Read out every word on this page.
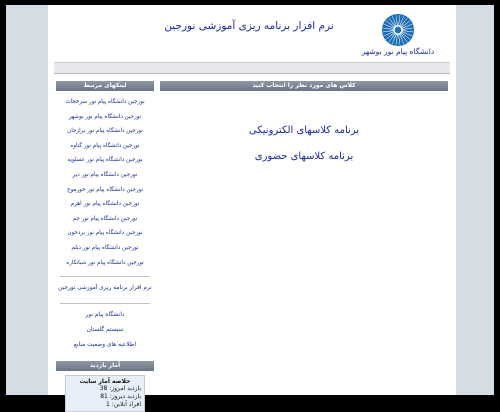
دانشگاه پیام نور بوشهر
نرم افزار برنامه ریزی آموزشی نورجین
لینکهای مرتبط
نورجین دانشگاه پیام نور سرخجات
نورجین دانشگاه پیام نور بوشهر
نورجین دانشگاه پیام نور برازجان
نورجین دانشگاه پیام نور گناوه
نورجین دانشگاه پیام نور عسلویه
نورجین دانشگاه پیام نور دیر
نورجین دانشگاه پیام نور خورموج
نورجین دانشگاه پیام نور اهرم
نورجین دانشگاه پیام نور جم
نورجین دانشگاه پیام نور بردخون
نورجین دانشگاه پیام نور دیلم
نورجین دانشگاه پیام نور شبانکاره
نرم افزار برنامه ریزی آموزشی نورجین
دانشگاه پیام نور
سیستم گلستان
اطلاعیه های وضعیت منابع
آمار بازدید
خلاصه آمار سایت
بازدید امروز: 38
بازدید دیروز: 81
افراد آنلاین: 1
کلاس های مورد نظر را انتخاب کنید
برنامه کلاسهای الکترونیکی
برنامه کلاسهای حضوری
